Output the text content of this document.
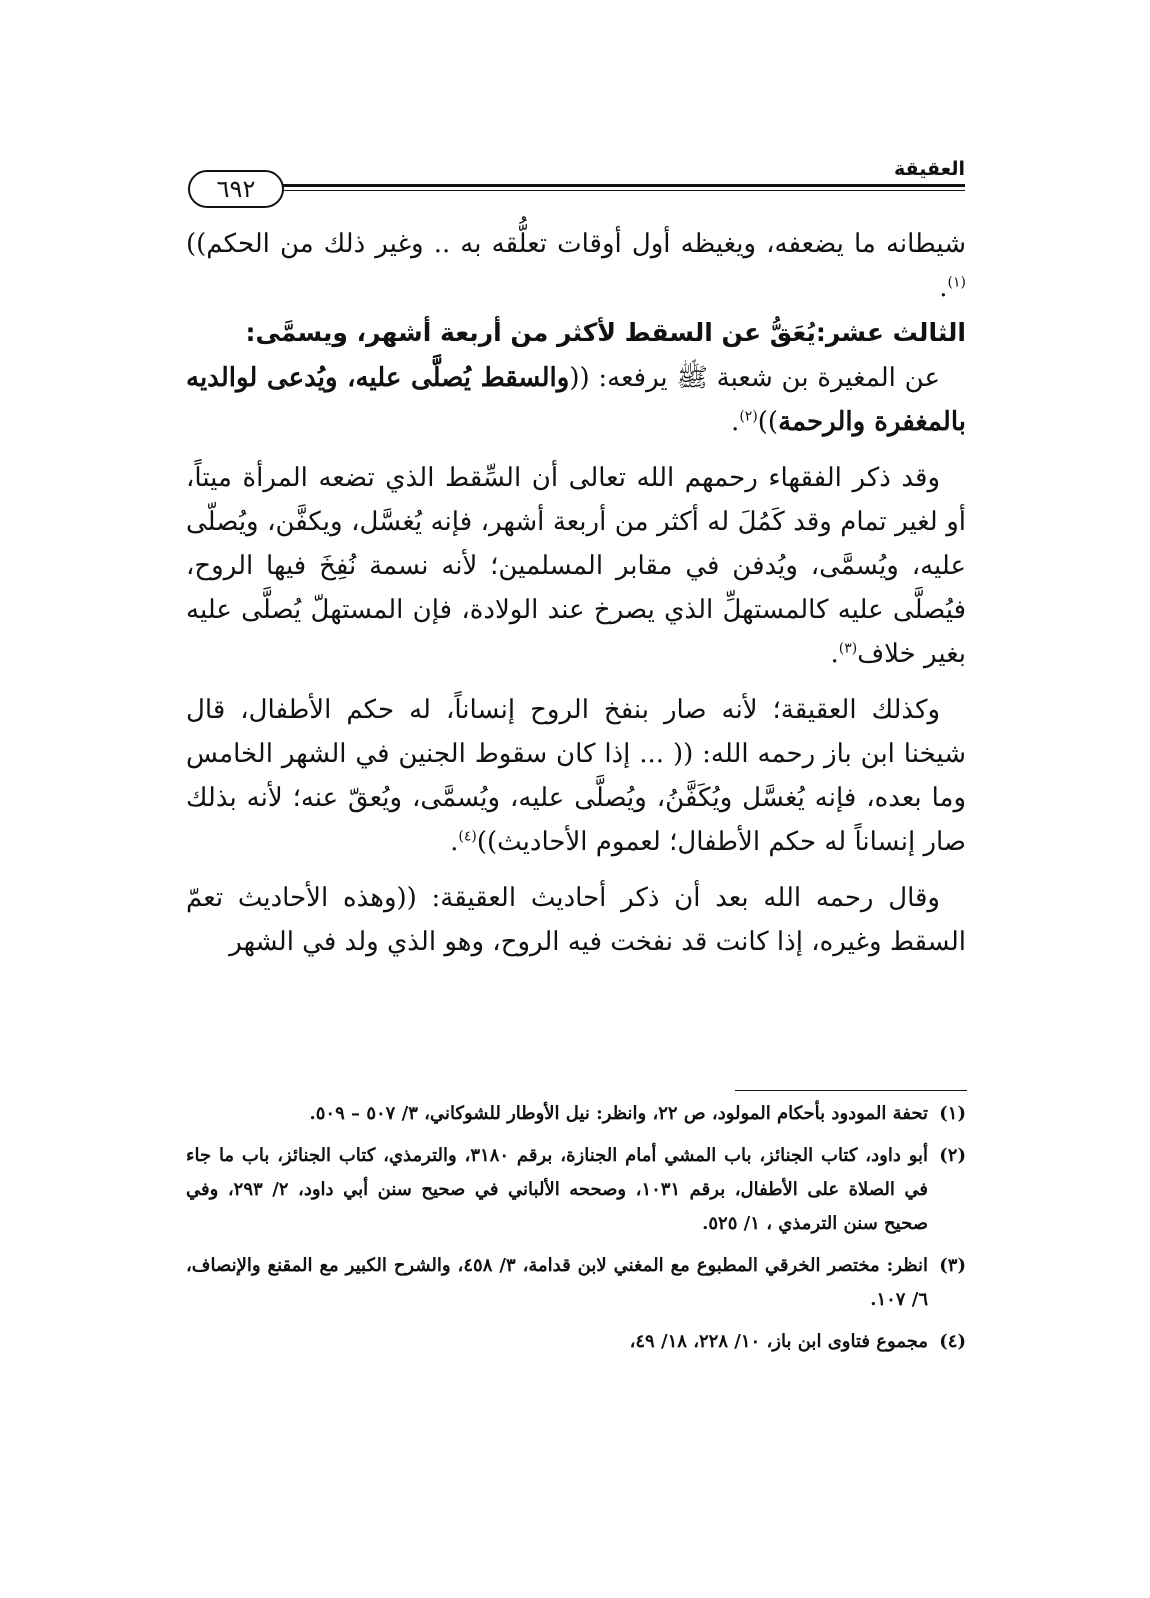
العقيقة
٦٩٢

شيطانه ما يضعفه، ويغيظه أول أوقات تعلُّقه به .. وغير ذلك من الحكم))$^{(١)}$.

الثالث عشر:يُعَقُّ عن السقط لأكثر من أربعة أشهر، ويسمَّى:

عن المغيرة بن شعبة ﷺ يرفعه: ((والسقط يُصلَّى عليه، ويُدعى لوالديه بالمغفرة والرحمة))$^{(٢)}$.

وقد ذكر الفقهاء رحمهم الله تعالى أن السِّقط الذي تضعه المرأة ميتاً، أو لغير تمام وقد كَمُلَ له أكثر من أربعة أشهر، فإنه يُغسَّل، ويكفَّن، ويُصلّى عليه، ويُسمَّى، ويُدفن في مقابر المسلمين؛ لأنه نسمة نُفِخَ فيها الروح، فيُصلَّى عليه كالمستهلِّ الذي يصرخ عند الولادة، فإن المستهلّ يُصلَّى عليه بغير خلاف$^{(٣)}$.

وكذلك العقيقة؛ لأنه صار بنفخ الروح إنساناً، له حكم الأطفال، قال شيخنا ابن باز رحمه الله: (( ... إذا كان سقوط الجنين في الشهر الخامس وما بعده، فإنه يُغسَّل ويُكَفَّنُ، ويُصلَّى عليه، ويُسمَّى، ويُعقّ عنه؛ لأنه بذلك صار إنساناً له حكم الأطفال؛ لعموم الأحاديث))$^{(٤)}$.

وقال رحمه الله بعد أن ذكر أحاديث العقيقة: ((وهذه الأحاديث تعمّ السقط وغيره، إذا كانت قد نفخت فيه الروح، وهو الذي ولد في الشهر

(١)
تحفة المودود بأحكام المولود، ص ٢٢، وانظر: نيل الأوطار للشوكاني، ٣/ ٥٠٧ – ٥٠٩.

(٢)
أبو داود، كتاب الجنائز، باب المشي أمام الجنازة، برقم ٣١٨٠، والترمذي، كتاب الجنائز، باب ما جاء في الصلاة على الأطفال، برقم ١٠٣١، وصححه الألباني في صحيح سنن أبي داود، ٢/ ٢٩٣، وفي صحيح سنن الترمذي ، ١/ ٥٢٥.

(٣)
انظر: مختصر الخرقي المطبوع مع المغني لابن قدامة، ٣/ ٤٥٨، والشرح الكبير مع المقنع والإنصاف، ٦/ ١٠٧.

(٤)
مجموع فتاوى ابن باز، ١٠/ ٢٢٨، ١٨/ ٤٩،
